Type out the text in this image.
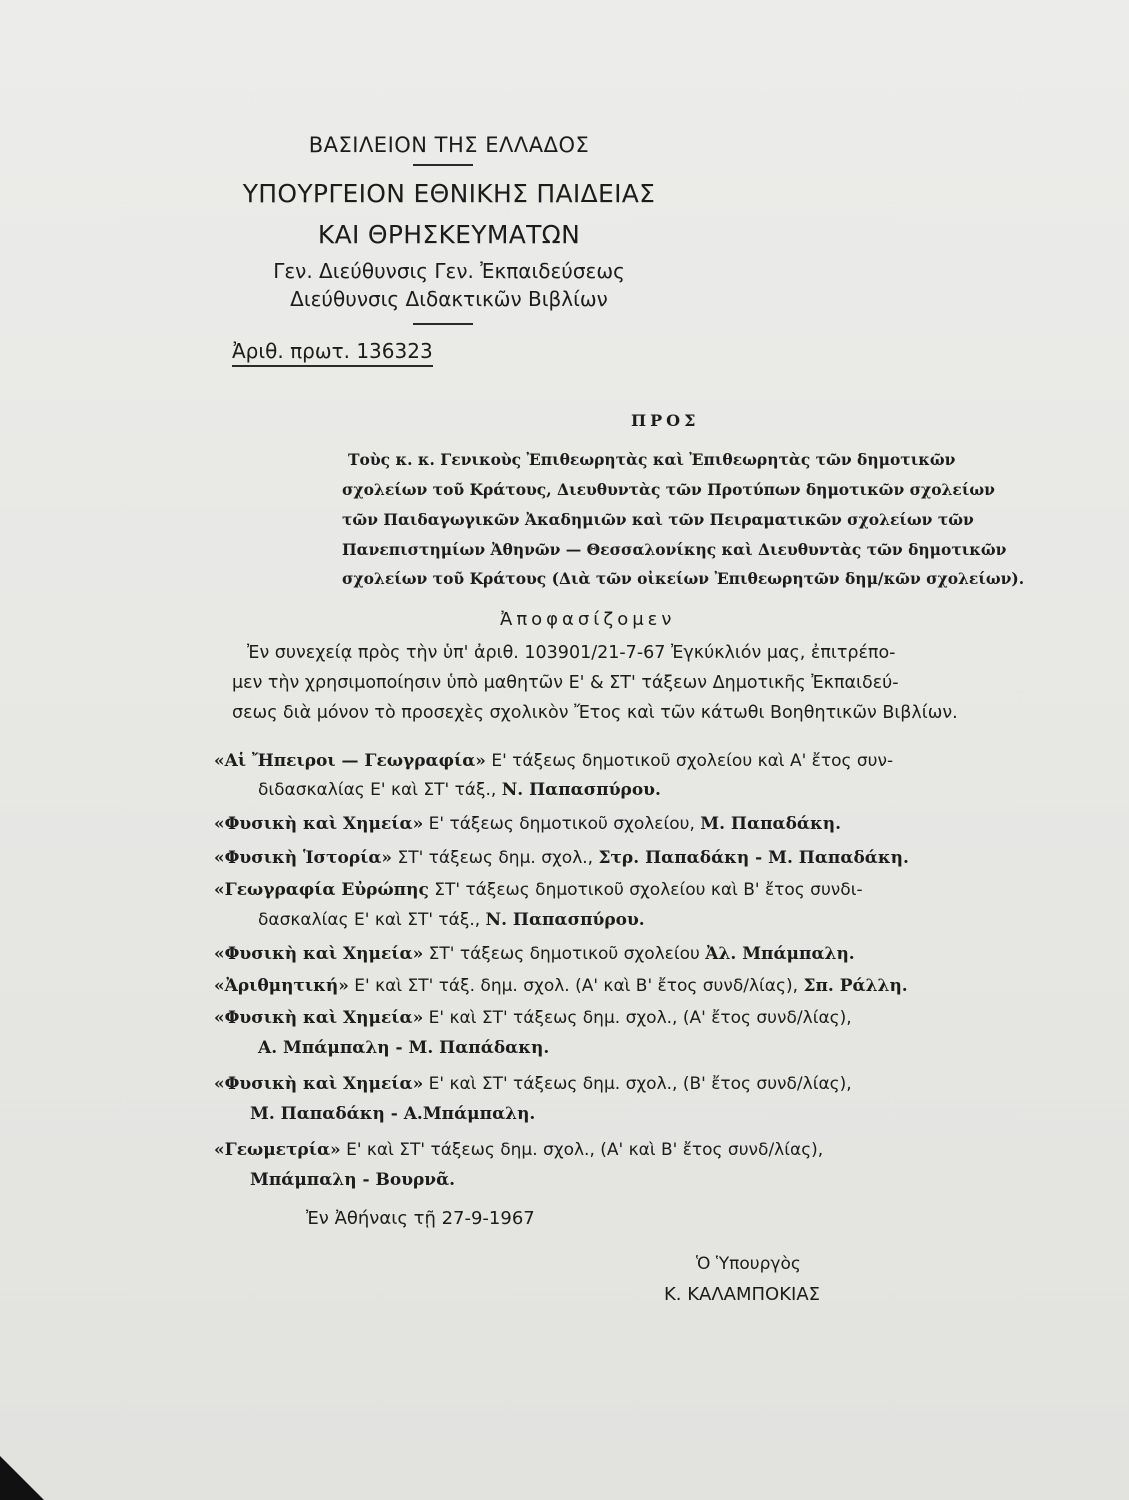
ΒΑΣΙΛΕΙΟΝ ΤΗΣ ΕΛΛΑΔΟΣ
ΥΠΟΥΡΓΕΙΟΝ ΕΘΝΙΚΗΣ ΠΑΙΔΕΙΑΣ
ΚΑΙ ΘΡΗΣΚΕΥΜΑΤΩΝ
Γεν. Διεύθυνσις Γεν. Ἐκπαιδεύσεως
Διεύθυνσις Διδακτικῶν Βιβλίων
Ἀριθ. πρωτ. 136323
ΠΡΟΣ
Τοὺς κ. κ. Γενικοὺς Ἐπιθεωρητὰς καὶ Ἐπιθεωρητὰς τῶν δημοτικῶν
σχολείων τοῦ Κράτους, Διευθυντὰς τῶν Προτύπων δημοτικῶν σχολείων
τῶν Παιδαγωγικῶν Ἀκαδημιῶν καὶ τῶν Πειραματικῶν σχολείων τῶν
Πανεπιστημίων Ἀθηνῶν — Θεσσαλονίκης καὶ Διευθυντὰς τῶν δημοτικῶν
σχολείων τοῦ Κράτους (Διὰ τῶν οἰκείων Ἐπιθεωρητῶν δημ/κῶν σχολείων).
Ἀποφασίζομεν
Ἐν συνεχείᾳ πρὸς τὴν ὑπ' ἀριθ. 103901/21-7-67 Ἐγκύκλιόν μας, ἐπιτρέπο-
μεν τὴν χρησιμοποίησιν ὑπὸ μαθητῶν Ε' & ΣΤ' τάξεων Δημοτικῆς Ἐκπαιδεύ-
σεως διὰ μόνον τὸ προσεχὲς σχολικὸν Ἔτος καὶ τῶν κάτωθι Βοηθητικῶν Βιβλίων.
«Αἱ Ἤπειροι — Γεωγραφία» Ε' τάξεως δημοτικοῦ σχολείου καὶ Α' ἔτος συν-
διδασκαλίας Ε' καὶ ΣΤ' τάξ., Ν. Παπασπύρου.
«Φυσικὴ καὶ Χημεία» Ε' τάξεως δημοτικοῦ σχολείου, Μ. Παπαδάκη.
«Φυσικὴ Ἱστορία» ΣΤ' τάξεως δημ. σχολ., Στρ. Παπαδάκη - Μ. Παπαδάκη.
«Γεωγραφία Εὐρώπης ΣΤ' τάξεως δημοτικοῦ σχολείου καὶ Β' ἔτος συνδι-
δασκαλίας Ε' καὶ ΣΤ' τάξ., Ν. Παπασπύρου.
«Φυσικὴ καὶ Χημεία» ΣΤ' τάξεως δημοτικοῦ σχολείου Ἀλ. Μπάμπαλη.
«Ἀριθμητική» Ε' καὶ ΣΤ' τάξ. δημ. σχολ. (Α' καὶ Β' ἔτος συνδ/λίας), Σπ. Ράλλη.
«Φυσικὴ καὶ Χημεία» Ε' καὶ ΣΤ' τάξεως δημ. σχολ., (Α' ἔτος συνδ/λίας),
Α. Μπάμπαλη - Μ. Παπάδακη.
«Φυσικὴ καὶ Χημεία» Ε' καὶ ΣΤ' τάξεως δημ. σχολ., (Β' ἔτος συνδ/λίας),
Μ. Παπαδάκη - Α.Μπάμπαλη.
«Γεωμετρία» Ε' καὶ ΣΤ' τάξεως δημ. σχολ., (Α' καὶ Β' ἔτος συνδ/λίας),
Μπάμπαλη - Βουρνᾶ.
Ἐν Ἀθήναις τῇ 27-9-1967
Ὁ Ὑπουργὸς
Κ. ΚΑΛΑΜΠΟΚΙΑΣ
